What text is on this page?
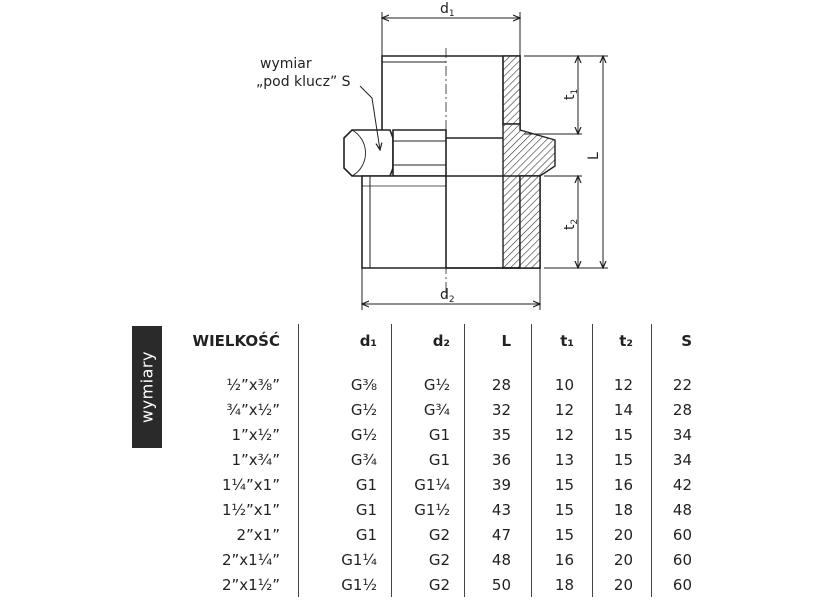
$d_1$
$d_2$
$t_1$
$t_2$
L
wymiar
„pod klucz” S
wymiary
WIELKOŚĆ	d₁	d₂	L	t₁	t₂	S

½”x⅜”	G⅜	G½	28	10	12	22
¾”x½”	G½	G¾	32	12	14	28
1”x½”	G½	G1	35	12	15	34
1”x¾”	G¾	G1	36	13	15	34
1¼”x1”	G1	G1¼	39	15	16	42
1½”x1”	G1	G1½	43	15	18	48
2”x1”	G1	G2	47	15	20	60
2”x1¼”	G1¼	G2	48	16	20	60
2”x1½”	G1½	G2	50	18	20	60
